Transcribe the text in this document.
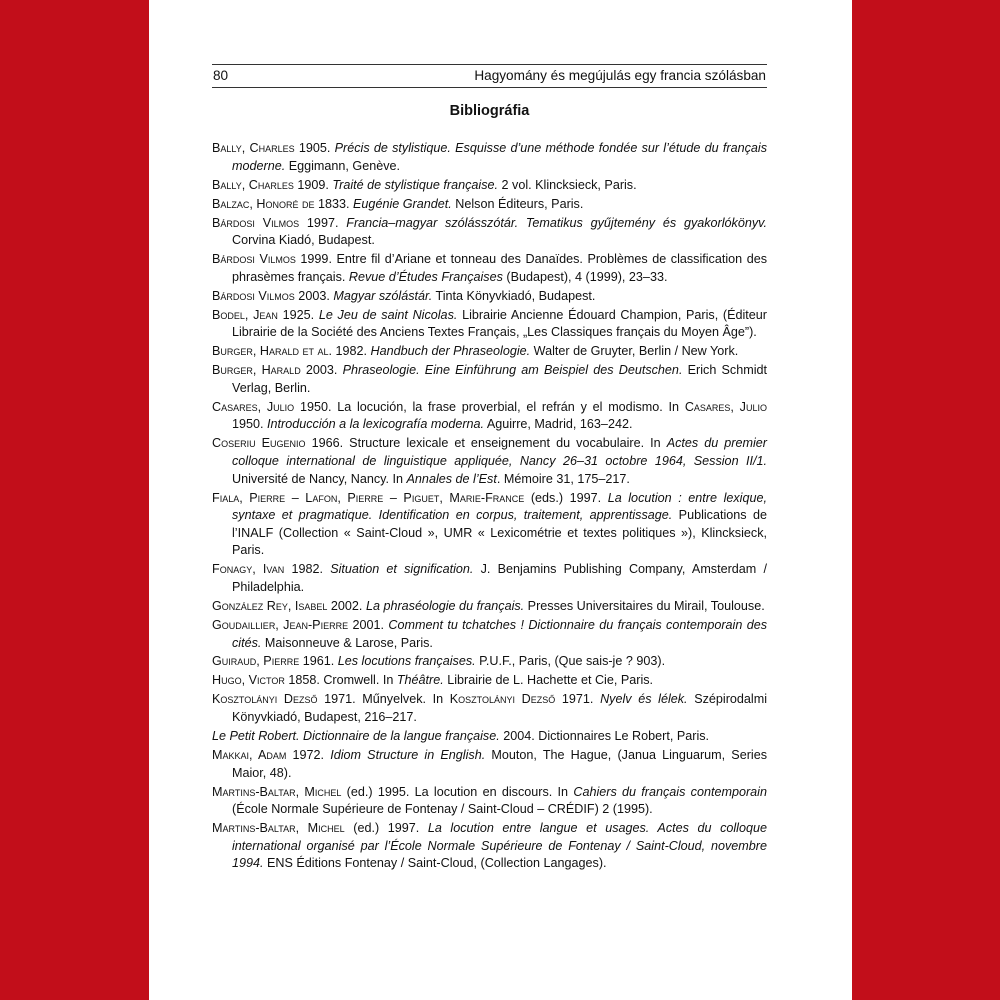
80	Hagyomány és megújulás egy francia szólásban
Bibliográfia

Bally, Charles 1905. Précis de stylistique. Esquisse d’une méthode fondée sur l’étude du français moderne. Eggimann, Genève.

Bally, Charles 1909. Traité de stylistique française. 2 vol. Klincksieck, Paris.

Balzac, Honoré de 1833. Eugénie Grandet. Nelson Éditeurs, Paris.

Bárdosi Vilmos 1997. Francia–magyar szólásszótár. Tematikus gyűjtemény és gyakorlókönyv. Corvina Kiadó, Budapest.

Bárdosi Vilmos 1999. Entre fil d’Ariane et tonneau des Danaïdes. Problèmes de classification des phrasèmes français. Revue d’Études Françaises (Budapest), 4 (1999), 23–33.

Bárdosi Vilmos 2003. Magyar szólástár. Tinta Könyvkiadó, Budapest.

Bodel, Jean 1925. Le Jeu de saint Nicolas. Librairie Ancienne Édouard Champion, Paris, (Éditeur Librairie de la Société des Anciens Textes Français, „Les Classiques français du Moyen Âge”).

Burger, Harald et al. 1982. Handbuch der Phraseologie. Walter de Gruyter, Berlin / New York.

Burger, Harald 2003. Phraseologie. Eine Einführung am Beispiel des Deutschen. Erich Schmidt Verlag, Berlin.

Casares, Julio 1950. La locución, la frase proverbial, el refrán y el modismo. In Casares, Julio 1950. Introducción a la lexicografía moderna. Aguirre, Madrid, 163–242.

Coseriu Eugenio 1966. Structure lexicale et enseignement du vocabulaire. In Actes du premier colloque international de linguistique appliquée, Nancy 26–31 octobre 1964, Session II/1. Université de Nancy, Nancy. In Annales de l’Est. Mémoire 31, 175–217.

Fiala, Pierre – Lafon, Pierre – Piguet, Marie-France (eds.) 1997. La locution : entre lexique, syntaxe et pragmatique. Identification en corpus, traitement, apprentissage. Publications de l’INALF (Collection « Saint-Cloud », UMR « Lexicométrie et textes politiques »), Klincksieck, Paris.

Fonagy, Ivan 1982. Situation et signification. J. Benjamins Publishing Company, Amsterdam / Philadelphia.

González Rey, Isabel 2002. La phraséologie du français. Presses Universitaires du Mirail, Toulouse.

Goudaillier, Jean-Pierre 2001. Comment tu tchatches ! Dictionnaire du français contemporain des cités. Maisonneuve & Larose, Paris.

Guiraud, Pierre 1961. Les locutions françaises. P.U.F., Paris, (Que sais-je ? 903).

Hugo, Victor 1858. Cromwell. In Théâtre. Librairie de L. Hachette et Cie, Paris.

Kosztolányi Dezső 1971. Műnyelvek. In Kosztolányi Dezső 1971. Nyelv és lélek. Szépirodalmi Könyvkiadó, Budapest, 216–217.

Le Petit Robert. Dictionnaire de la langue française. 2004. Dictionnaires Le Robert, Paris.

Makkai, Adam 1972. Idiom Structure in English. Mouton, The Hague, (Janua Linguarum, Series Maior, 48).

Martins-Baltar, Michel (ed.) 1995. La locution en discours. In Cahiers du français contemporain (École Normale Supérieure de Fontenay / Saint-Cloud – CRÉDIF) 2 (1995).

Martins-Baltar, Michel (ed.) 1997. La locution entre langue et usages. Actes du colloque international organisé par l’École Normale Supérieure de Fontenay / Saint-Cloud, novembre 1994. ENS Éditions Fontenay / Saint-Cloud, (Collection Langages).
